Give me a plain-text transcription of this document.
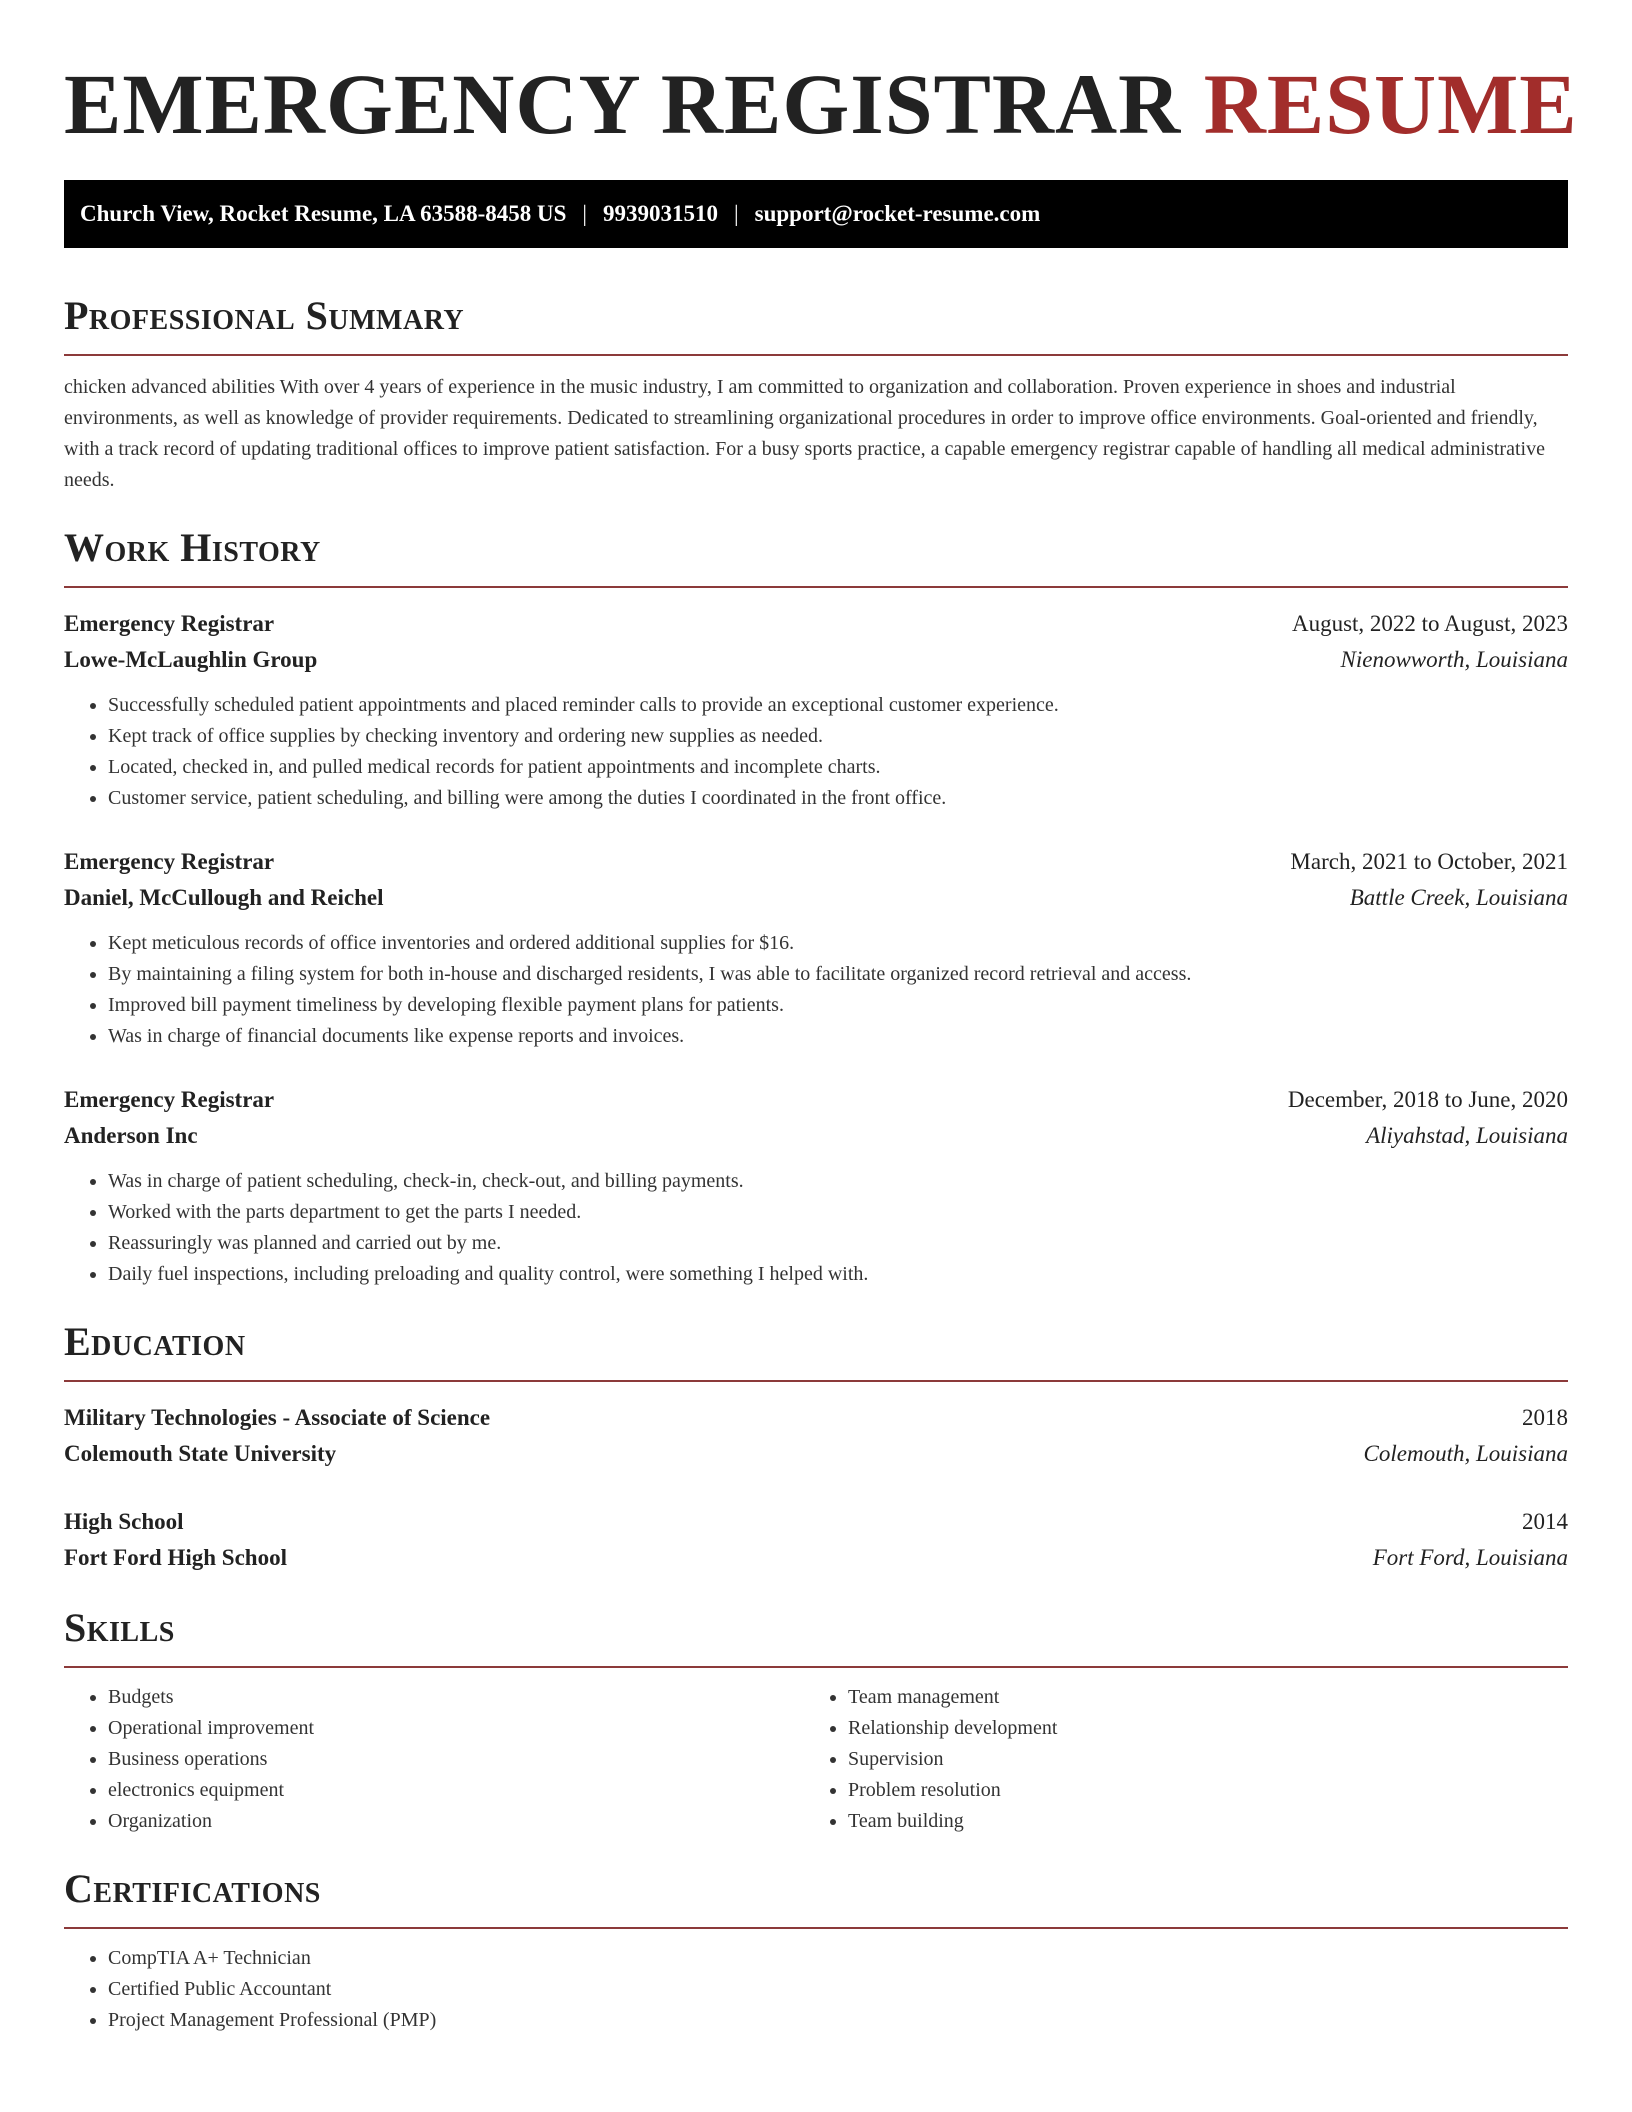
EMERGENCY REGISTRAR RESUME
Church View, Rocket Resume, LA 63588-8458 US | 9939031510 | support@rocket-resume.com
Professional Summary

chicken advanced abilities With over 4 years of experience in the music industry, I am committed to organization and collaboration. Proven experience in shoes and industrial environments, as well as knowledge of provider requirements. Dedicated to streamlining organizational procedures in order to improve office environments. Goal-oriented and friendly, with a track record of updating traditional offices to improve patient satisfaction. For a busy sports practice, a capable emergency registrar capable of handling all medical administrative needs.

Work History
Emergency Registrar	August, 2022 to August, 2023
Lowe-McLaughlin Group	Nienowworth, Louisiana
• Successfully scheduled patient appointments and placed reminder calls to provide an exceptional customer experience.
• Kept track of office supplies by checking inventory and ordering new supplies as needed.
• Located, checked in, and pulled medical records for patient appointments and incomplete charts.
• Customer service, patient scheduling, and billing were among the duties I coordinated in the front office.
Emergency Registrar	March, 2021 to October, 2021
Daniel, McCullough and Reichel	Battle Creek, Louisiana
• Kept meticulous records of office inventories and ordered additional supplies for $16.
• By maintaining a filing system for both in-house and discharged residents, I was able to facilitate organized record retrieval and access.
• Improved bill payment timeliness by developing flexible payment plans for patients.
• Was in charge of financial documents like expense reports and invoices.
Emergency Registrar	December, 2018 to June, 2020
Anderson Inc	Aliyahstad, Louisiana
• Was in charge of patient scheduling, check-in, check-out, and billing payments.
• Worked with the parts department to get the parts I needed.
• Reassuringly was planned and carried out by me.
• Daily fuel inspections, including preloading and quality control, were something I helped with.
Education
Military Technologies - Associate of Science	2018
Colemouth State University	Colemouth, Louisiana
High School	2014
Fort Ford High School	Fort Ford, Louisiana
Skills
• Budgets
• Operational improvement
• Business operations
• electronics equipment
• Organization
• Team management
• Relationship development
• Supervision
• Problem resolution
• Team building
Certifications
• CompTIA A+ Technician
• Certified Public Accountant
• Project Management Professional (PMP)
